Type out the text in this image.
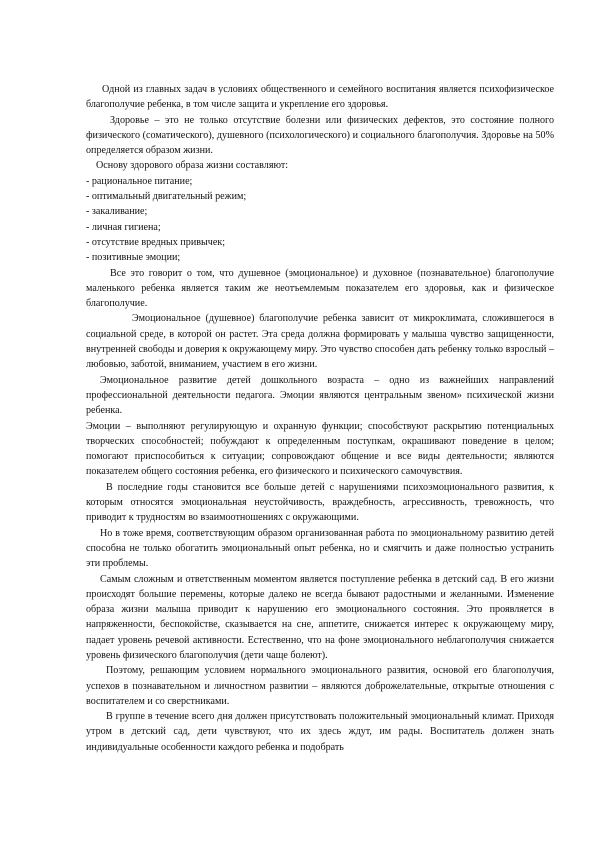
Одной из главных задач в условиях общественного и семейного воспитания является психофизическое благополучие ребенка, в том числе защита и укрепление его здоровья.

Здоровье – это не только отсутствие болезни или физических дефектов, это состояние полного физического (соматического), душевного (психологического) и социального благополучия. Здоровье на 50% определяется образом жизни.

Основу здорового образа жизни составляют:

- рациональное питание;
- оптимальный двигательный режим;
- закаливание;
- личная гигиена;
- отсутствие вредных привычек;
- позитивные эмоции;

Все это говорит о том, что душевное (эмоциональное) и духовное (познавательное) благополучие маленького ребенка является таким же неотъемлемым показателем его здоровья, как и физическое благополучие.

Эмоциональное (душевное) благополучие ребенка зависит от микроклимата, сложившегося в социальной среде, в которой он растет. Эта среда должна формировать у малыша чувство защищенности, внутренней свободы и доверия к окружающему миру. Это чувство способен дать ребенку только взрослый – любовью, заботой, вниманием, участием в его жизни.

Эмоциональное развитие детей дошкольного возраста – одно из важнейших направлений профессиональной деятельности педагога. Эмоции являются центральным звеном» психической жизни ребенка.

Эмоции – выполняют регулирующую и охранную функции; способствуют раскрытию потенциальных творческих способностей; побуждают к определенным поступкам, окрашивают поведение в целом; помогают приспособиться к ситуации; сопровождают общение и все виды деятельности; являются показателем общего состояния ребенка, его физического и психического самочувствия.

В последние годы становится все больше детей с нарушениями психоэмоционального развития, к которым относятся эмоциональная неустойчивость, враждебность, агрессивность, тревожность, что приводит к трудностям во взаимоотношениях с окружающими.

Но в тоже время, соответствующим образом организованная работа по эмоциональному развитию детей способна не только обогатить эмоциональный опыт ребенка, но и смягчить и даже полностью устранить эти проблемы.

Самым сложным и ответственным моментом является поступление ребенка в детский сад. В его жизни происходят большие перемены, которые далеко не всегда бывают радостными и желанными. Изменение образа жизни малыша приводит к нарушению его эмоционального состояния. Это проявляется в напряженности, беспокойстве, сказывается на сне, аппетите, снижается интерес к окружающему миру, падает уровень речевой активности. Естественно, что на фоне эмоционального неблагополучия снижается уровень физического благополучия (дети чаще болеют).

Поэтому, решающим условием нормального эмоционального развития, основой его благополучия, успехов в познавательном и личностном развитии – являются доброжелательные, открытые отношения с воспитателем и со сверстниками.

В группе в течение всего дня должен присутствовать положительный эмоциональный климат. Приходя утром в детский сад, дети чувствуют, что их здесь ждут, им рады. Воспитатель должен знать индивидуальные особенности каждого ребенка и подобрать
